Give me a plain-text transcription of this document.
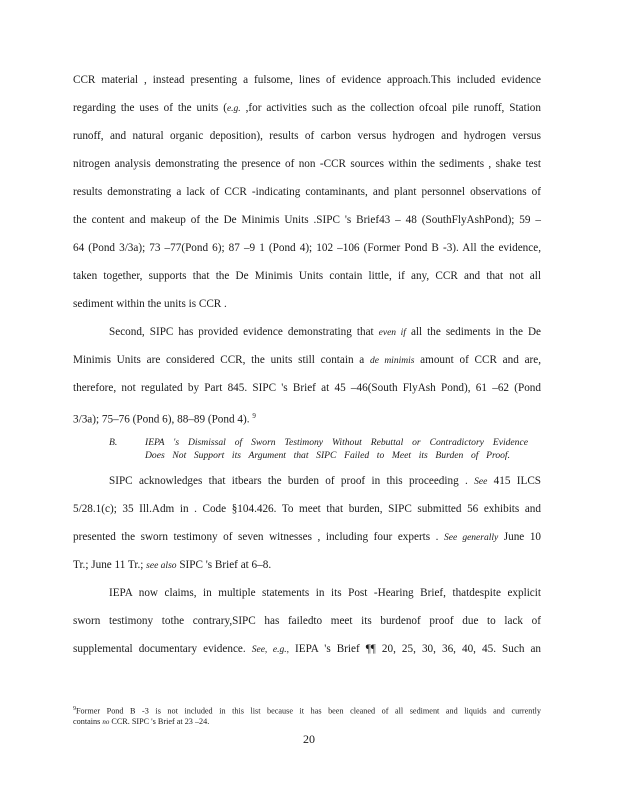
CCR material , instead presenting a fulsome, lines of evidence approach.This included evidence
regarding the uses of the units (e.g. ,for activities such as the collection ofcoal pile runoff, Station
runoff, and natural organic deposition), results of carbon versus hydrogen and hydrogen versus
nitrogen analysis demonstrating the presence of non -CCR sources within the sediments , shake test
results demonstrating a lack of CCR -indicating contaminants, and plant personnel observations of
the content and makeup of the De Minimis Units .SIPC 's Brief43 – 48 (SouthFlyAshPond); 59 –
64 (Pond 3/3a); 73 –77(Pond 6); 87 –9 1 (Pond 4); 102 –106 (Former Pond B -3). All the evidence,
taken together, supports that the De Minimis Units contain little, if any, CCR and that not all
sediment within the units is CCR .
Second, SIPC has provided evidence demonstrating that even if all the sediments in the De
Minimis Units are considered CCR, the units still contain a de minimis amount of CCR and are,
therefore, not regulated by Part 845. SIPC 's Brief at 45 –46(South FlyAsh Pond), 61 –62 (Pond
3/3a); 75–76 (Pond 6), 88–89 (Pond 4). $^9$
B.	IEPA 's Dismissal of Sworn Testimony Without Rebuttal or Contradictory Evidence
Does Not Support its Argument that SIPC Failed to Meet its Burden of Proof.
SIPC acknowledges that itbears the burden of proof in this proceeding . See 415 ILCS
5/28.1(c); 35 Ill.Adm in . Code §104.426. To meet that burden, SIPC submitted 56 exhibits and
presented the sworn testimony of seven witnesses , including four experts . See generally June 10
Tr.; June 11 Tr.; see also SIPC 's Brief at 6–8.
IEPA now claims, in multiple statements in its Post -Hearing Brief, thatdespite explicit
sworn testimony tothe contrary,SIPC has failedto meet its burdenof proof due to lack of
supplemental documentary evidence. See, e.g., IEPA 's Brief ¶¶ 20, 25, 30, 36, 40, 45. Such an
$^9$Former Pond B -3 is not included in this list because it has been cleaned of all sediment and liquids and currently
contains no CCR. SIPC 's Brief at 23 –24.
20
